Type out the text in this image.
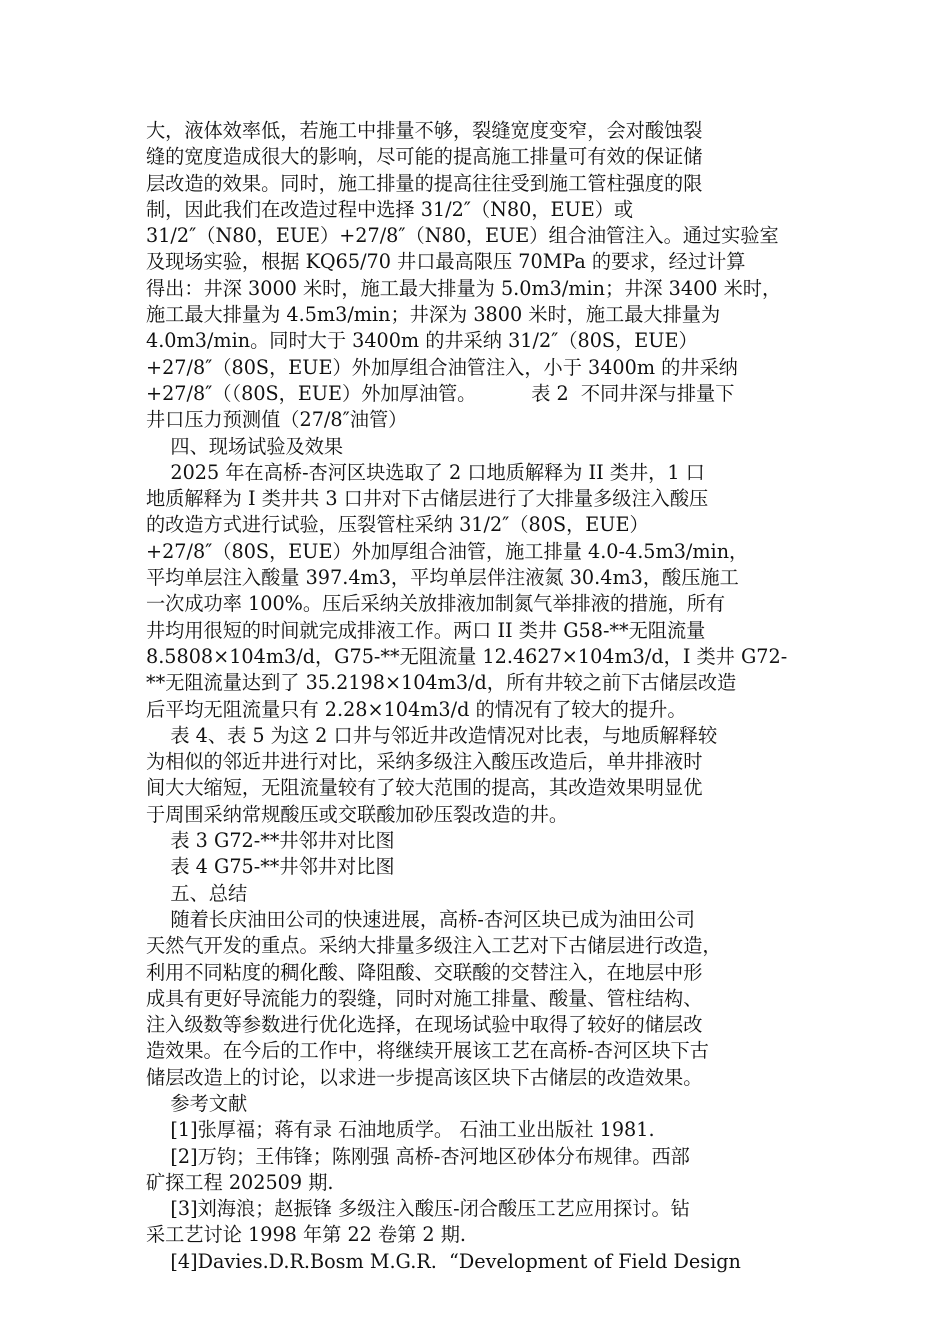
大，液体效率低，若施工中排量不够，裂缝宽度变窄，会对酸蚀裂
缝的宽度造成很大的影响，尽可能的提高施工排量可有效的保证储
层改造的效果。同时，施工排量的提高往往受到施工管柱强度的限
制，因此我们在改造过程中选择 31/2″（N80，EUE）或
31/2″（N80，EUE）+27/8″（N80，EUE）组合油管注入。通过实验室
及现场实验，根据 KQ65/70 井口最高限压 70MPa 的要求，经过计算
得出：井深 3000 米时，施工最大排量为 5.0m3/min；井深 3400 米时，
施工最大排量为 4.5m3/min；井深为 3800 米时，施工最大排量为
4.0m3/min。同时大于 3400m 的井采纳 31/2″（80S，EUE）
+27/8″（80S，EUE）外加厚组合油管注入，小于 3400m 的井采纳
+27/8″（（80S，EUE）外加厚油管。         表 2  不同井深与排量下
井口压力预测值（27/8″油管）
四、现场试验及效果
2025 年在高桥-杏河区块选取了 2 口地质解释为 II 类井，1 口
地质解释为 I 类井共 3 口井对下古储层进行了大排量多级注入酸压
的改造方式进行试验，压裂管柱采纳 31/2″（80S，EUE）
+27/8″（80S，EUE）外加厚组合油管，施工排量 4.0-4.5m3/min，
平均单层注入酸量 397.4m3，平均单层伴注液氮 30.4m3，酸压施工
一次成功率 100%。压后采纳关放排液加制氮气举排液的措施，所有
井均用很短的时间就完成排液工作。两口 II 类井 G58-**无阻流量
8.5808×104m3/d，G75-**无阻流量 12.4627×104m3/d，I 类井 G72-
**无阻流量达到了 35.2198×104m3/d，所有井较之前下古储层改造
后平均无阻流量只有 2.28×104m3/d 的情况有了较大的提升。
表 4、表 5 为这 2 口井与邻近井改造情况对比表，与地质解释较
为相似的邻近井进行对比，采纳多级注入酸压改造后，单井排液时
间大大缩短，无阻流量较有了较大范围的提高，其改造效果明显优
于周围采纳常规酸压或交联酸加砂压裂改造的井。
表 3 G72-**井邻井对比图
表 4 G75-**井邻井对比图
五、总结
随着长庆油田公司的快速进展，高桥-杏河区块已成为油田公司
天然气开发的重点。采纳大排量多级注入工艺对下古储层进行改造，
利用不同粘度的稠化酸、降阻酸、交联酸的交替注入，在地层中形
成具有更好导流能力的裂缝，同时对施工排量、酸量、管柱结构、
注入级数等参数进行优化选择，在现场试验中取得了较好的储层改
造效果。在今后的工作中，将继续开展该工艺在高桥-杏河区块下古
储层改造上的讨论，以求进一步提高该区块下古储层的改造效果。
参考文献
[1]张厚福；蒋有录 石油地质学。 石油工业出版社 1981.
[2]万钧；王伟锋；陈刚强 高桥-杏河地区砂体分布规律。西部
矿探工程 202509 期.
[3]刘海浪；赵振锋 多级注入酸压-闭合酸压工艺应用探讨。钻
采工艺讨论 1998 年第 22 卷第 2 期.
[4]Davies.D.R.Bosm M.G.R.  “Development of Field Design
